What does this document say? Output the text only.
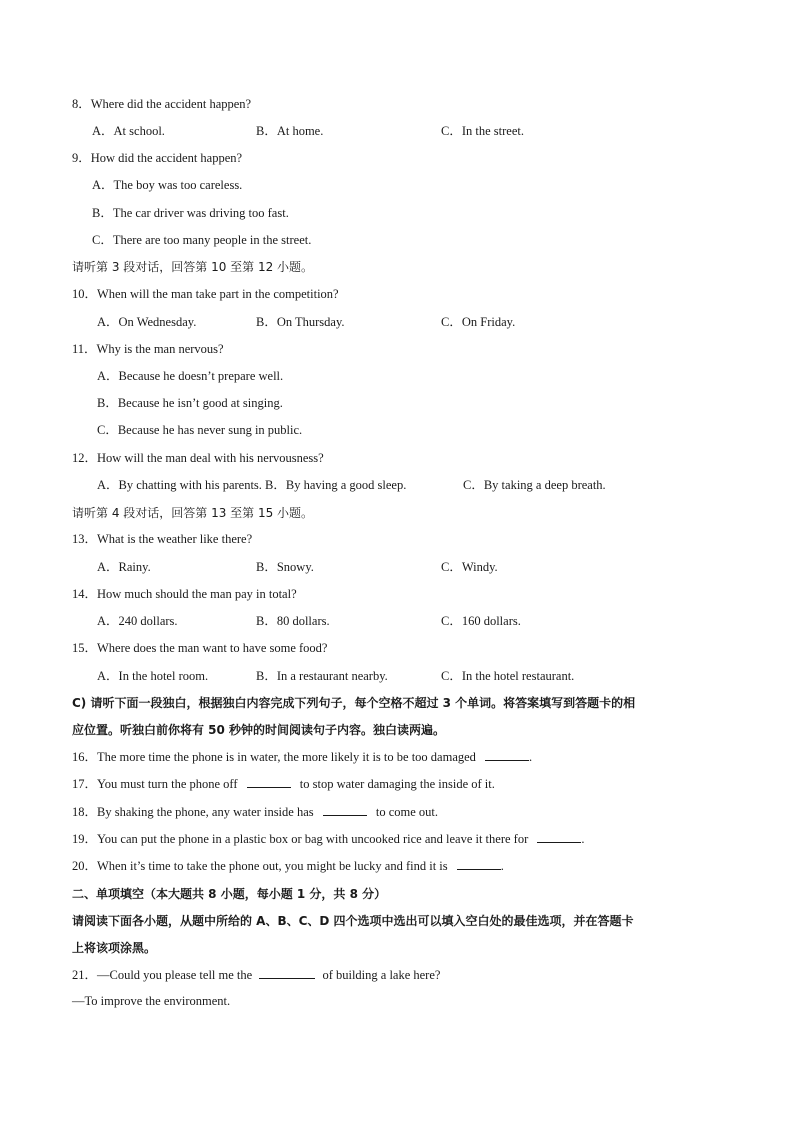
8．Where did the accident happen?
A．At school.	B．At home.	C．In the street.
9．How did the accident happen?
A．The boy was too careless.
B．The car driver was driving too fast.
C．There are too many people in the street.
请听第 3 段对话，回答第 10 至第 12 小题。
10．When will the man take part in the competition?
A．On Wednesday.	B．On Thursday.	C．On Friday.
11．Why is the man nervous?
A．Because he doesn’t prepare well.
B．Because he isn’t good at singing.
C．Because he has never sung in public.
12．How will the man deal with his nervousness?
A．By chatting with his parents. B．By having a good sleep.	C．By taking a deep breath.
请听第 4 段对话，回答第 13 至第 15 小题。
13．What is the weather like there?
A．Rainy.	B．Snowy.	C．Windy.
14．How much should the man pay in total?
A．240 dollars.	B．80 dollars.	C．160 dollars.
15．Where does the man want to have some food?
A．In the hotel room.	B．In a restaurant nearby.	C．In the hotel restaurant.
C) 请听下面一段独白，根据独白内容完成下列句子，每个空格不超过 3 个单词。将答案填写到答题卡的相
应位置。听独白前你将有 50 秒钟的时间阅读句子内容。独白读两遍。
16．The more time the phone is in water, the more likely it is to be too damaged	.
17．You must turn the phone off	to stop water damaging the inside of it.
18．By shaking the phone, any water inside has	to come out.
19．You can put the phone in a plastic box or bag with uncooked rice and leave it there for	.
20．When it’s time to take the phone out, you might be lucky and find it is	.
二、单项填空（本大题共 8 小题，每小题 1 分，共 8 分）
请阅读下面各小题，从题中所给的 A、B、C、D 四个选项中选出可以填入空白处的最佳选项，并在答题卡
上将该项涂黑。
21．—Could you please tell me the	of building a lake here?
—To improve the environment.
